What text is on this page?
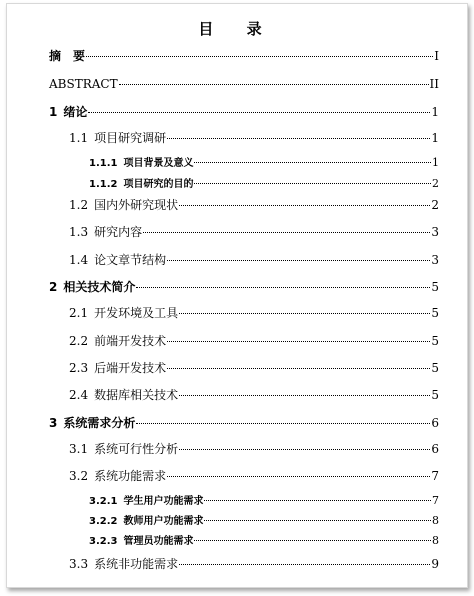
目 录
摘　要	I
ABSTRACT	II
1 绪论	1
1.1 项目研究调研	1
1.1.1 项目背景及意义	1
1.1.2 项目研究的目的	2
1.2 国内外研究现状	2
1.3 研究内容	3
1.4 论文章节结构	3
2 相关技术简介	5
2.1 开发环境及工具	5
2.2 前端开发技术	5
2.3 后端开发技术	5
2.4 数据库相关技术	5
3 系统需求分析	6
3.1 系统可行性分析	6
3.2 系统功能需求	7
3.2.1 学生用户功能需求	7
3.2.2 教师用户功能需求	8
3.2.3 管理员功能需求	8
3.3 系统非功能需求	9
